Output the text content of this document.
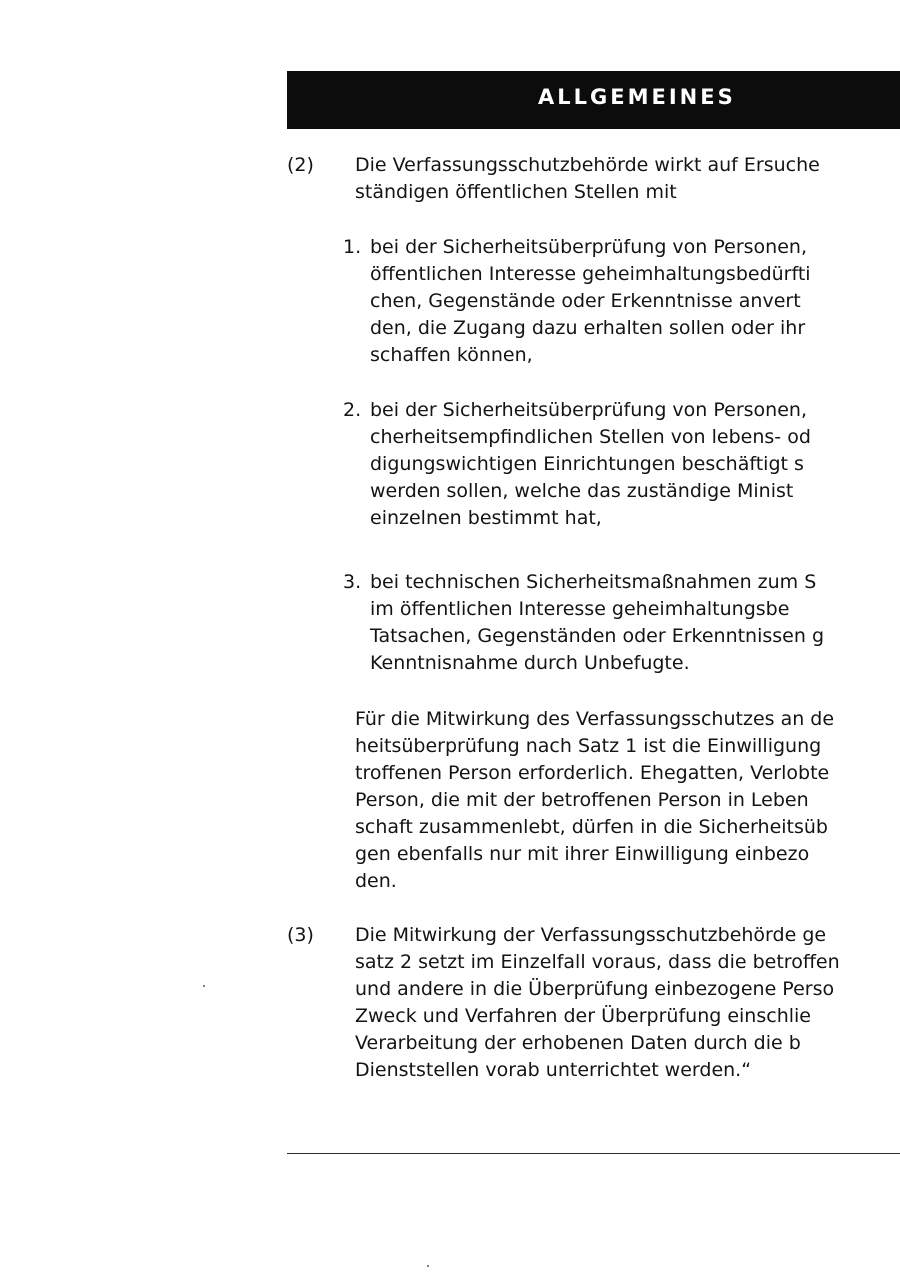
ALLGEMEINES
(2) Die Verfassungsschutzbehörde wirkt auf Ersuche
ständigen öffentlichen Stellen mit
1. bei der Sicherheitsüberprüfung von Personen,
öffentlichen Interesse geheimhaltungsbedürfti
chen, Gegenstände oder Erkenntnisse anvert
den, die Zugang dazu erhalten sollen oder ihr
schaffen können,
2. bei der Sicherheitsüberprüfung von Personen,
cherheitsempfindlichen Stellen von lebens- od
digungswichtigen Einrichtungen beschäftigt s
werden sollen, welche das zuständige Minist
einzelnen bestimmt hat,
3. bei technischen Sicherheitsmaßnahmen zum S
im öffentlichen Interesse geheimhaltungsbe
Tatsachen, Gegenständen oder Erkenntnissen g
Kenntnisnahme durch Unbefugte.
Für die Mitwirkung des Verfassungsschutzes an de
heitsüberprüfung nach Satz 1 ist die Einwilligung
troffenen Person erforderlich. Ehegatten, Verlobte
Person, die mit der betroffenen Person in Leben
schaft zusammenlebt, dürfen in die Sicherheitsüb
gen ebenfalls nur mit ihrer Einwilligung einbezo
den.
(3) Die Mitwirkung der Verfassungsschutzbehörde ge
satz 2 setzt im Einzelfall voraus, dass die betroffen
und andere in die Überprüfung einbezogene Perso
Zweck und Verfahren der Überprüfung einschlie
Verarbeitung der erhobenen Daten durch die b
Dienststellen vorab unterrichtet werden.“
